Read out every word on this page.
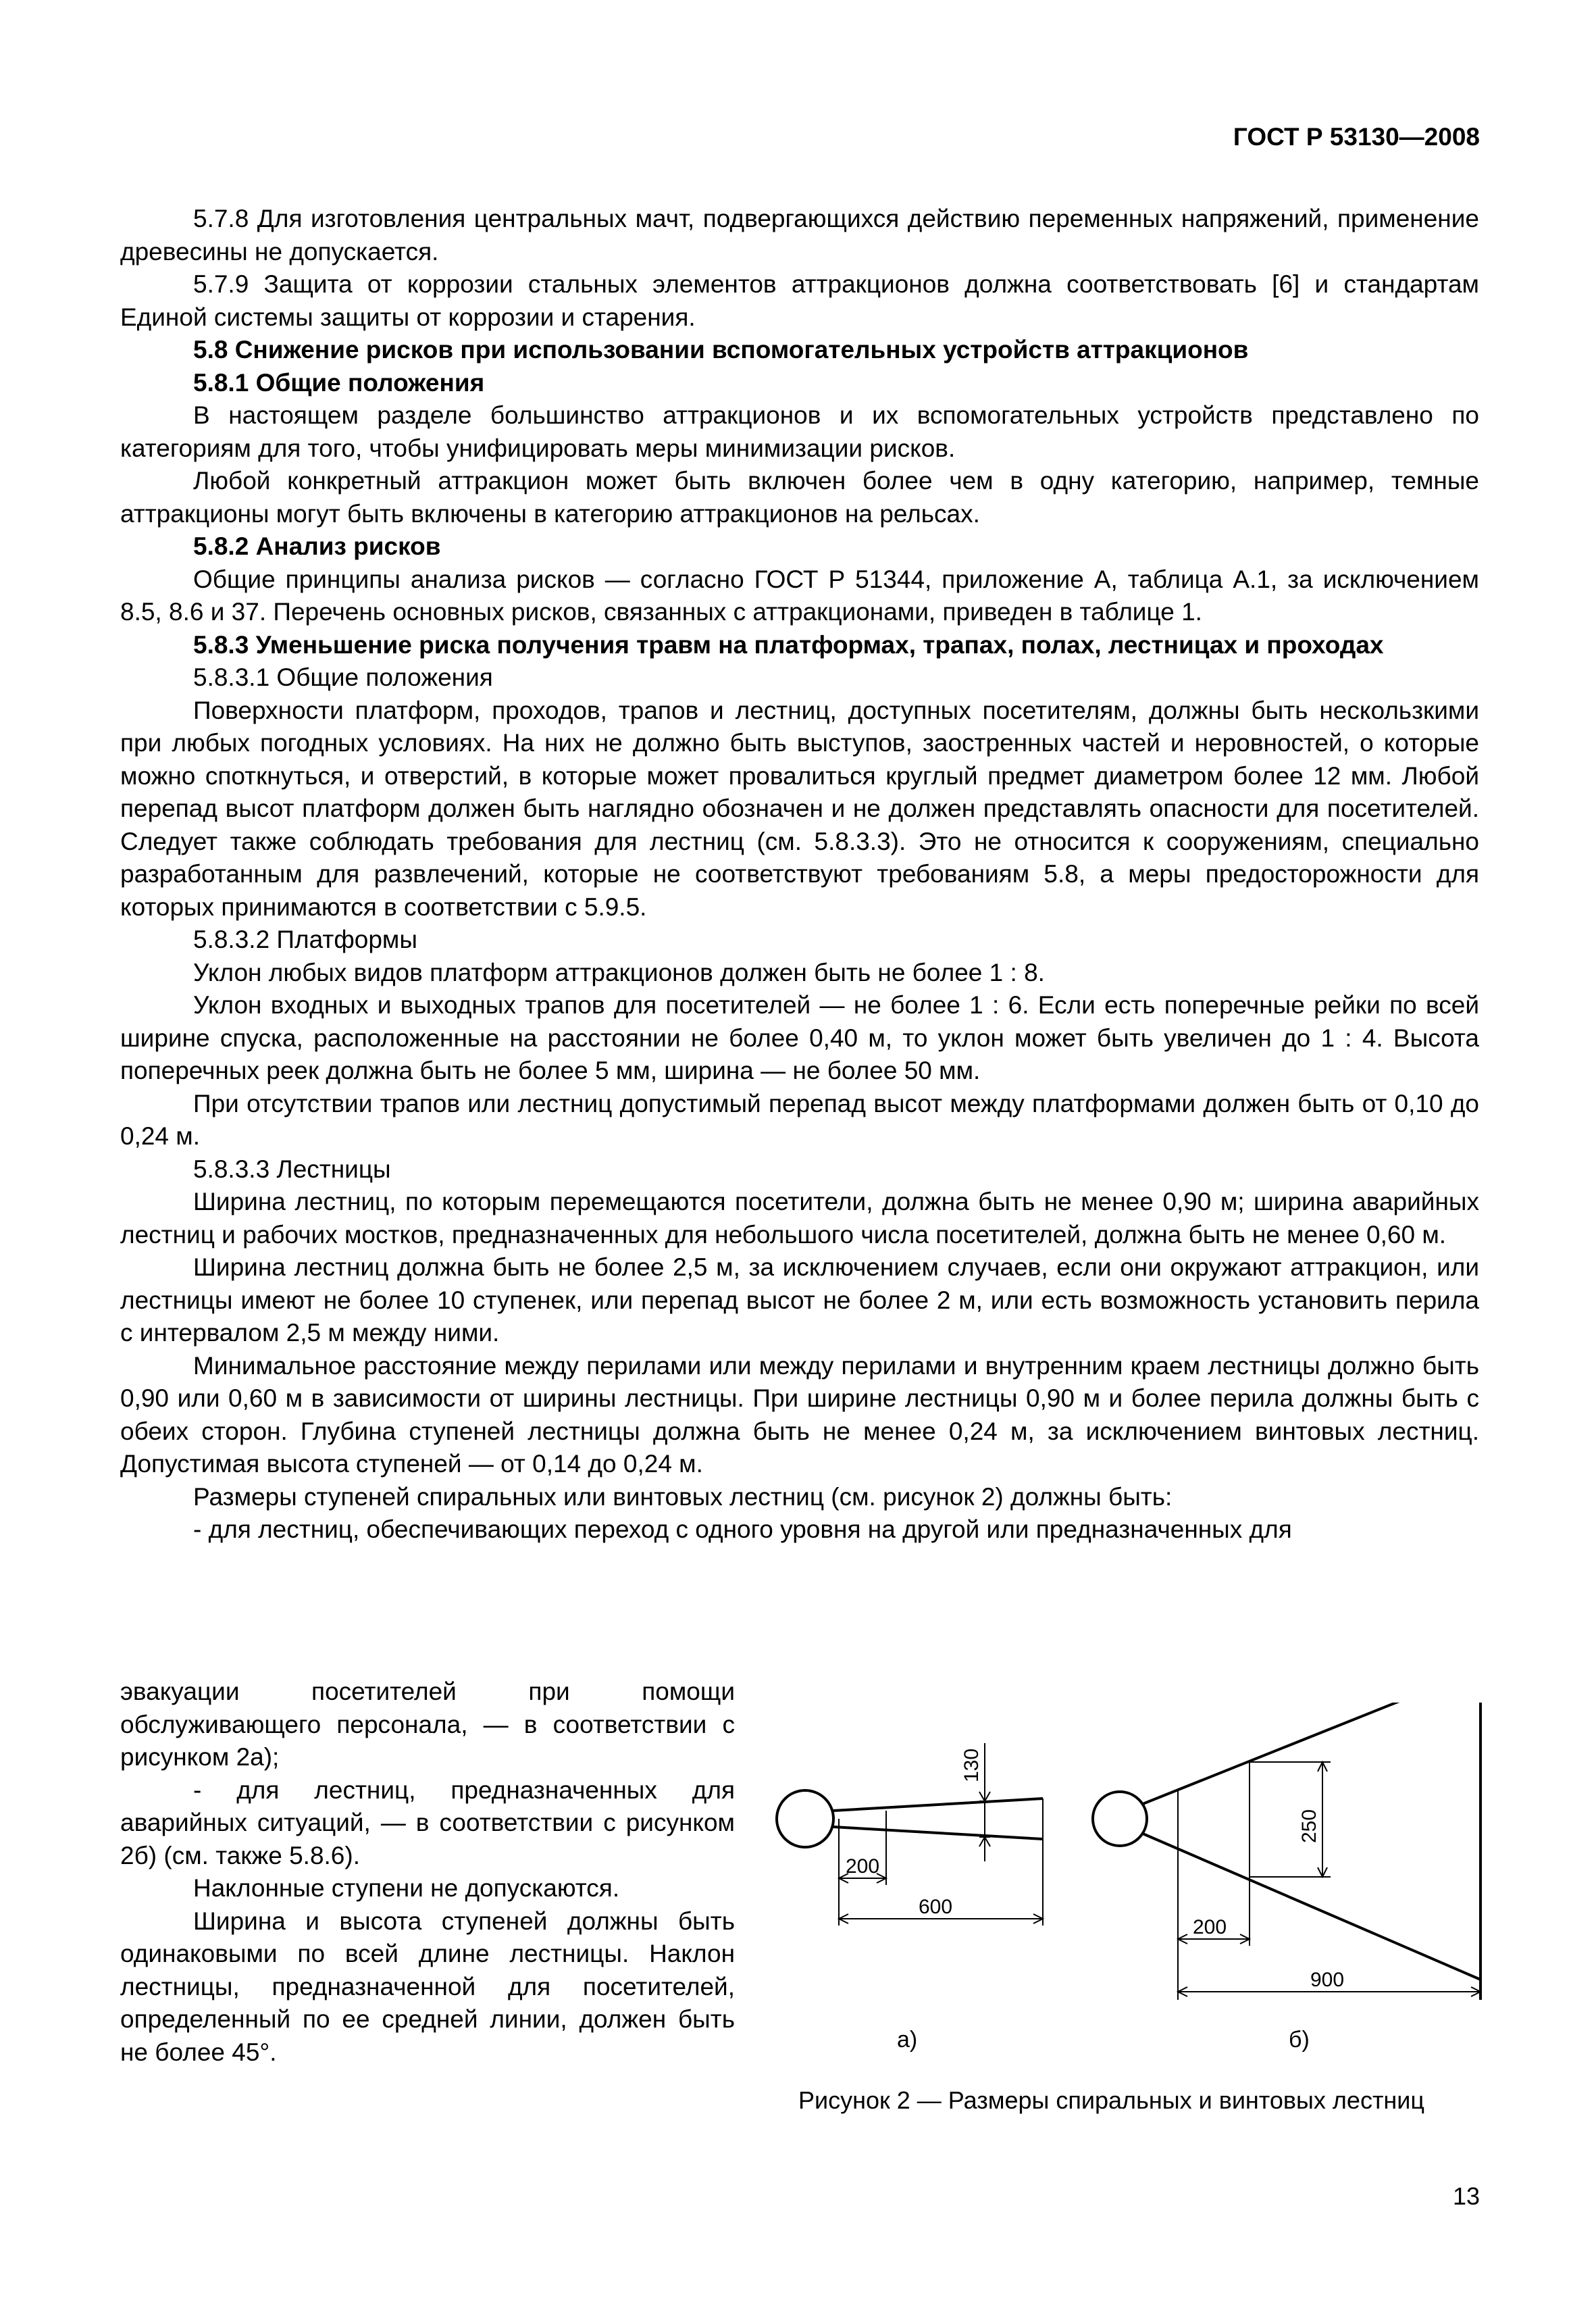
ГОСТ Р 53130—2008

5.7.8 Для изготовления центральных мачт, подвергающихся действию переменных напряжений, применение древесины не допускается.

5.7.9 Защита от коррозии стальных элементов аттракционов должна соответствовать [6] и стандартам Единой системы защиты от коррозии и старения.

5.8 Снижение рисков при использовании вспомогательных устройств аттракционов

5.8.1 Общие положения

В настоящем разделе большинство аттракционов и их вспомогательных устройств представлено по категориям для того, чтобы унифицировать меры минимизации рисков.

Любой конкретный аттракцион может быть включен более чем в одну категорию, например, темные аттракционы могут быть включены в категорию аттракционов на рельсах.

5.8.2 Анализ рисков

Общие принципы анализа рисков — согласно ГОСТ Р 51344, приложение А, таблица А.1, за исключением 8.5, 8.6 и 37. Перечень основных рисков, связанных с аттракционами, приведен в таблице 1.

5.8.3 Уменьшение риска получения травм на платформах, трапах, полах, лестницах и проходах

5.8.3.1 Общие положения

Поверхности платформ, проходов, трапов и лестниц, доступных посетителям, должны быть нескользкими при любых погодных условиях. На них не должно быть выступов, заостренных частей и неровностей, о которые можно споткнуться, и отверстий, в которые может провалиться круглый предмет диаметром более 12 мм. Любой перепад высот платформ должен быть наглядно обозначен и не должен представлять опасности для посетителей. Следует также соблюдать требования для лестниц (см. 5.8.3.3). Это не относится к сооружениям, специально разработанным для развлечений, которые не соответствуют требованиям 5.8, а меры предосторожности для которых принимаются в соответствии с 5.9.5.

5.8.3.2 Платформы

Уклон любых видов платформ аттракционов должен быть не более 1 : 8.

Уклон входных и выходных трапов для посетителей — не более 1 : 6. Если есть поперечные рейки по всей ширине спуска, расположенные на расстоянии не более 0,40 м, то уклон может быть увеличен до 1 : 4. Высота поперечных реек должна быть не более 5 мм, ширина — не более 50 мм.

При отсутствии трапов или лестниц допустимый перепад высот между платформами должен быть от 0,10 до 0,24 м.

5.8.3.3 Лестницы

Ширина лестниц, по которым перемещаются посетители, должна быть не менее 0,90 м; ширина аварийных лестниц и рабочих мостков, предназначенных для небольшого числа посетителей, должна быть не менее 0,60 м.

Ширина лестниц должна быть не более 2,5 м, за исключением случаев, если они окружают аттракцион, или лестницы имеют не более 10 ступенек, или перепад высот не более 2 м, или есть возможность установить перила с интервалом 2,5 м между ними.

Минимальное расстояние между перилами или между перилами и внутренним краем лестницы должно быть 0,90 или 0,60 м в зависимости от ширины лестницы. При ширине лестницы 0,90 м и более перила должны быть с обеих сторон. Глубина ступеней лестницы должна быть не менее 0,24 м, за исключением винтовых лестниц. Допустимая высота ступеней — от 0,14 до 0,24 м.

Размеры ступеней спиральных или винтовых лестниц (см. рисунок 2) должны быть:

- для лестниц, обеспечивающих переход с одного уровня на другой или предназначенных для

эвакуации посетителей при помощи обслуживающего персонала, — в соответствии с рисунком 2а);

- для лестниц, предназначенных для аварийных ситуаций, — в соответствии с рисунком 2б) (см. также 5.8.6).

Наклонные ступени не допускаются.

Ширина и высота ступеней должны быть одинаковыми по всей длине лестницы. Наклон лестницы, предназначенной для посетителей, определенный по ее средней линии, должен быть не более 45°.

130
200
600
а)
250
200
900
б)
Рисунок 2 — Размеры спиральных и винтовых лестниц
13
